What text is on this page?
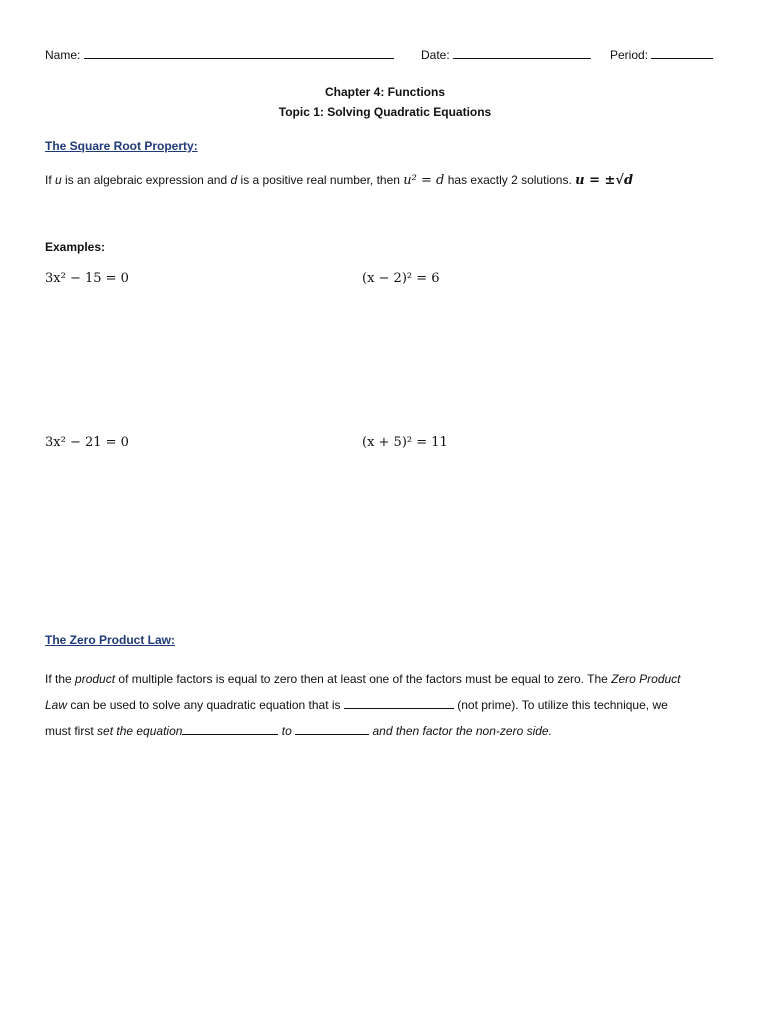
Name:	Date:	Period:
Chapter 4: Functions
Topic 1: Solving Quadratic Equations
The Square Root Property:
If u is an algebraic expression and d is a positive real number, then u² = d has exactly 2 solutions. u = ±√d
Examples:
3x² − 15 = 0	(x − 2)² = 6
3x² − 21 = 0	(x + 5)² = 11
The Zero Product Law:
If the product of multiple factors is equal to zero then at least one of the factors must be equal to zero. The Zero Product
Law can be used to solve any quadratic equation that is	(not prime). To utilize this technique, we
must first set the equation	to	and then factor the non-zero side.
